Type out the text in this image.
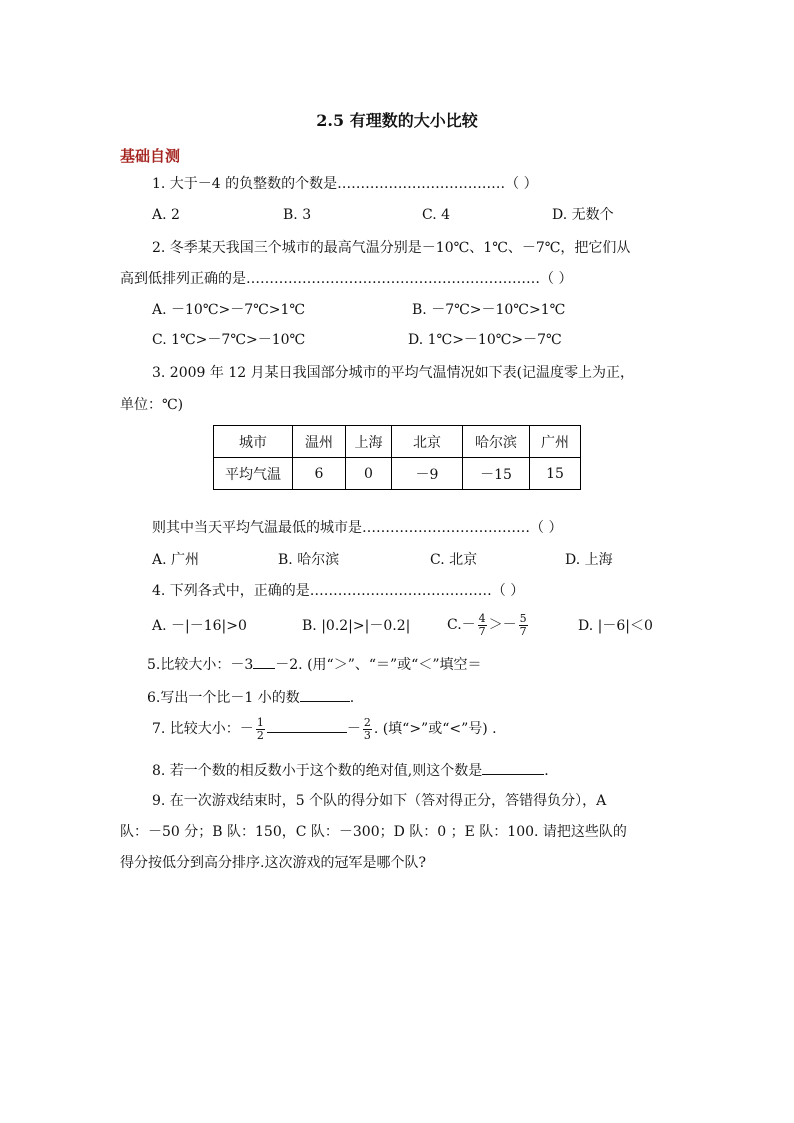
2.5 有理数的大小比较
基础自测
1. 大于－4 的负整数的个数是………………………………（ ）
A. 2	B. 3	C. 4	D. 无数个
2. 冬季某天我国三个城市的最高气温分别是－10℃、1℃、－7℃，把它们从
高到低排列正确的是………………………………………………………（ ）
A. －10℃>－7℃>1℃	B. －7℃>－10℃>1℃
C. 1℃>－7℃>－10℃	D. 1℃>－10℃>－7℃
3. 2009 年 12 月某日我国部分城市的平均气温情况如下表(记温度零上为正，
单位：℃)
城市	温州	上海	北京	哈尔滨	广州
平均气温	6	0	－9	－15	15
则其中当天平均气温最低的城市是………………………………（ ）
A. 广州	B. 哈尔滨	C. 北京	D. 上海
4. 下列各式中，正确的是…………………………………（ ）
A. －|－16|>0	B. |0.2|>|－0.2|	$C.- \frac{4}{7} >- \frac{5}{7}$	D. |－6|＜0
5.比较大小：－3 －2. (用“＞”、“＝”或“＜”填空＝
6.写出一个比－1 小的数	.
7. 比较大小：－ $\frac{1}{2}$	－ $\frac{2}{3}$ . (填“>”或“<”号) .
8. 若一个数的相反数小于这个数的绝对值,则这个数是	.
9. 在一次游戏结束时，5 个队的得分如下（答对得正分，答错得负分），A
队：－50 分；B 队：150，C 队：－300；D 队：0 ；E 队：100. 请把这些队的
得分按低分到高分排序.这次游戏的冠军是哪个队?
